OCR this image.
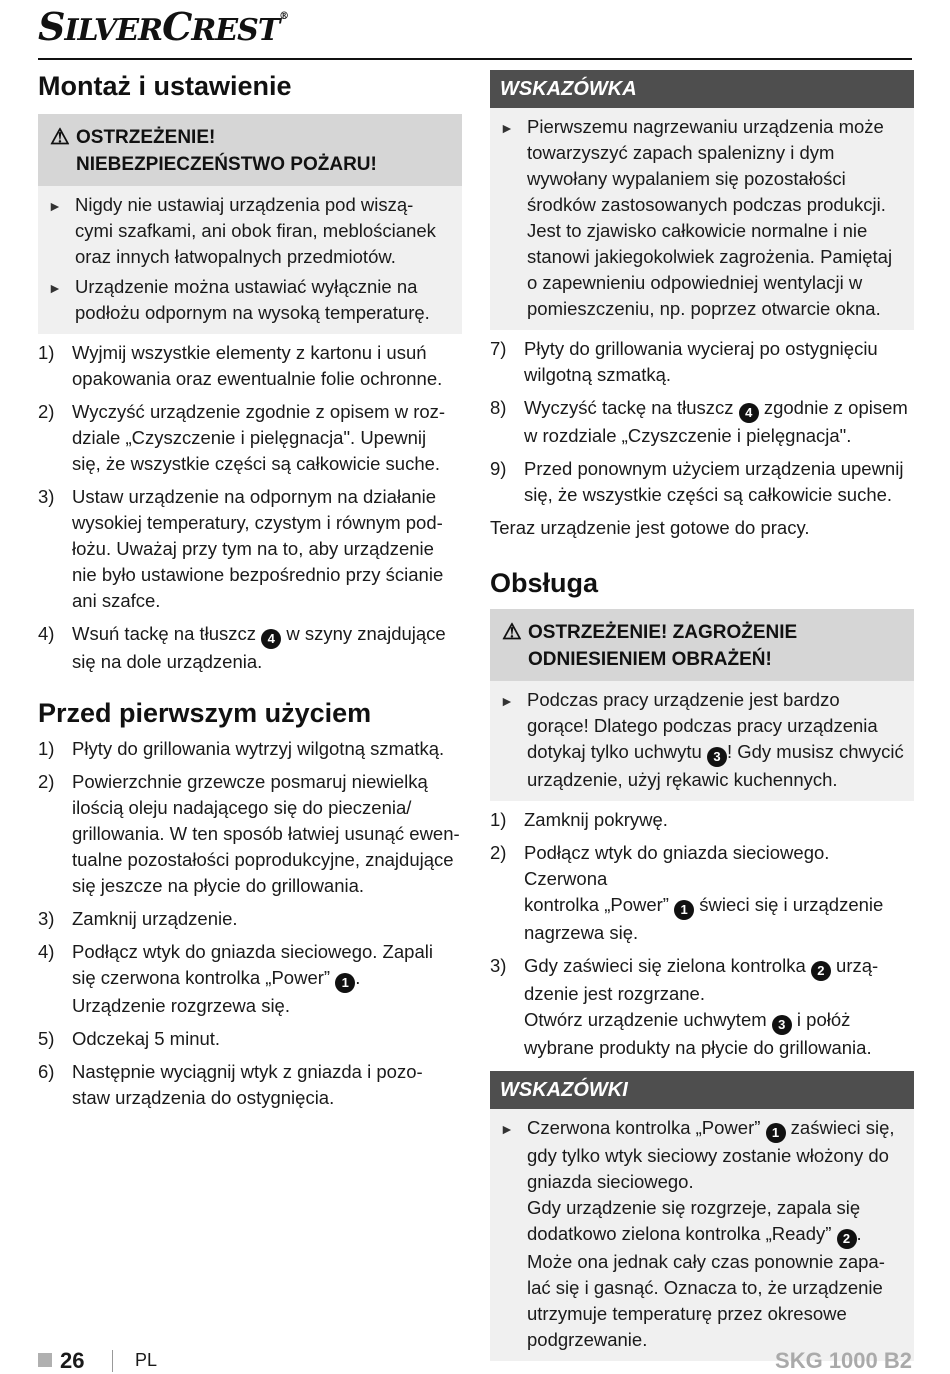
SILVERCREST®
Montaż i ustawienie
⚠ OSTRZEŻENIE!
NIEBEZPIECZEŃSTWO POŻARU!
► Nigdy nie ustawiaj urządzenia pod wiszą-
cymi szafkami, ani obok firan, meblościanek
oraz innych łatwopalnych przedmiotów.
► Urządzenie można ustawiać wyłącznie na
podłożu odpornym na wysoką temperaturę.
1) Wyjmij wszystkie elementy z kartonu i usuń
opakowania oraz ewentualnie folie ochronne.
2) Wyczyść urządzenie zgodnie z opisem w roz-
dziale „Czyszczenie i pielęgnacja". Upewnij
się, że wszystkie części są całkowicie suche.
3) Ustaw urządzenie na odpornym na działanie
wysokiej temperatury, czystym i równym pod-
łożu. Uważaj przy tym na to, aby urządzenie
nie było ustawione bezpośrednio przy ścianie
ani szafce.
4) Wsuń tackę na tłuszcz 4 w szyny znajdujące
się na dole urządzenia.
Przed pierwszym użyciem
1) Płyty do grillowania wytrzyj wilgotną szmatką.
2) Powierzchnie grzewcze posmaruj niewielką
ilością oleju nadającego się do pieczenia/
grillowania. W ten sposób łatwiej usunąć ewen-
tualne pozostałości poprodukcyjne, znajdujące
się jeszcze na płycie do grillowania.
3) Zamknij urządzenie.
4) Podłącz wtyk do gniazda sieciowego. Zapali
się czerwona kontrolka „Power” 1 .
Urządzenie rozgrzewa się.
5) Odczekaj 5 minut.
6) Następnie wyciągnij wtyk z gniazda i pozo-
staw urządzenia do ostygnięcia.
WSKAZÓWKA
► Pierwszemu nagrzewaniu urządzenia może
towarzyszyć zapach spalenizny i dym
wywołany wypalaniem się pozostałości
środków zastosowanych podczas produkcji.
Jest to zjawisko całkowicie normalne i nie
stanowi jakiegokolwiek zagrożenia. Pamiętaj
o zapewnieniu odpowiedniej wentylacji w
pomieszczeniu, np. poprzez otwarcie okna.
7) Płyty do grillowania wycieraj po ostygnięciu
wilgotną szmatką.
8) Wyczyść tackę na tłuszcz 4 zgodnie z opisem
w rozdziale „Czyszczenie i pielęgnacja".
9) Przed ponownym użyciem urządzenia upewnij
się, że wszystkie części są całkowicie suche.
Teraz urządzenie jest gotowe do pracy.
Obsługa
⚠ OSTRZEŻENIE! ZAGROŻENIE
ODNIESIENIEM OBRAŻEŃ!
► Podczas pracy urządzenie jest bardzo
gorące! Dlatego podczas pracy urządzenia
dotykaj tylko uchwytu 3 ! Gdy musisz chwycić
urządzenie, użyj rękawic kuchennych.
1) Zamknij pokrywę.
2) Podłącz wtyk do gniazda sieciowego. Czerwona
kontrolka „Power” 1 świeci się i urządzenie
nagrzewa się.
3) Gdy zaświeci się zielona kontrolka 2 urzą-
dzenie jest rozgrzane.
Otwórz urządzenie uchwytem 3 i połóż
wybrane produkty na płycie do grillowania.
WSKAZÓWKI
► Czerwona kontrolka „Power” 1 zaświeci się,
gdy tylko wtyk sieciowy zostanie włożony do
gniazda sieciowego.
Gdy urządzenie się rozgrzeje, zapala się
dodatkowo zielona kontrolka „Ready” 2 .
Może ona jednak cały czas ponownie zapa-
lać się i gasnąć. Oznacza to, że urządzenie
utrzymuje temperaturę przez okresowe
podgrzewanie.
26	PL	SKG 1000 B2
